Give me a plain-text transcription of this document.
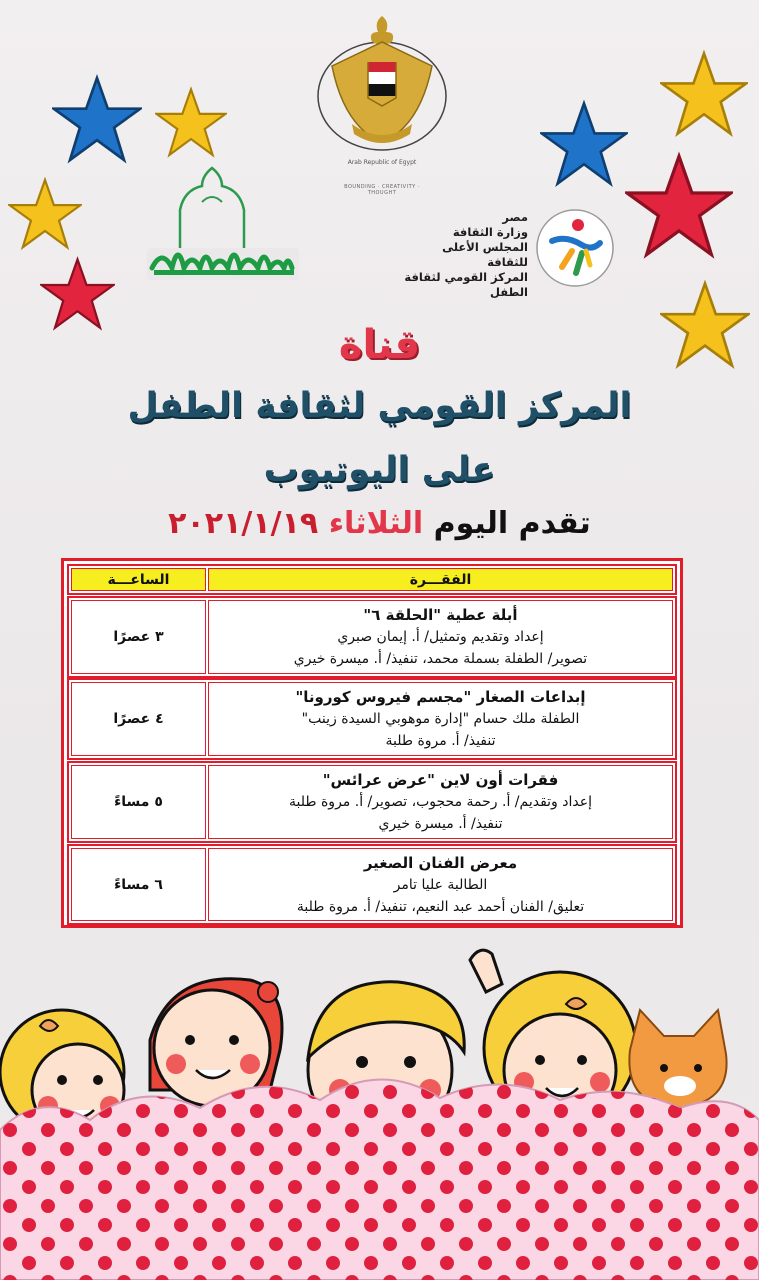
Arab Republic of Egypt
BOUNDING · CREATIVITY · THOUGHT
مصر
وزارة الثقافة
المجلس الأعلى للثقافة
المركز القومي لثقافة الطفل
قناة
المركز القومي لثقافة الطفل
على اليوتيوب
تقدم اليوم الثلاثاء ٢٠٢١/١/١٩
الفقـــرة
الساعـــة
أبلة عطية "الحلقة ٦"
إعداد وتقديم وتمثيل/ أ. إيمان صبري
تصوير/ الطفلة بسملة محمد، تنفيذ/ أ. ميسرة خيري
٣ عصرًا
إبداعات الصغار "مجسم فيروس كورونا"
الطفلة ملك حسام "إدارة موهوبي السيدة زينب"
تنفيذ/ أ. مروة طلبة
٤ عصرًا
فقرات أون لاين "عرض عرائس"
إعداد وتقديم/ أ. رحمة محجوب، تصوير/ أ. مروة طلبة
تنفيذ/ أ. ميسرة خيري
٥ مساءً
معرض الفنان الصغير
الطالبة عليا تامر
تعليق/ الفنان أحمد عبد النعيم، تنفيذ/ أ. مروة طلبة
٦ مساءً
